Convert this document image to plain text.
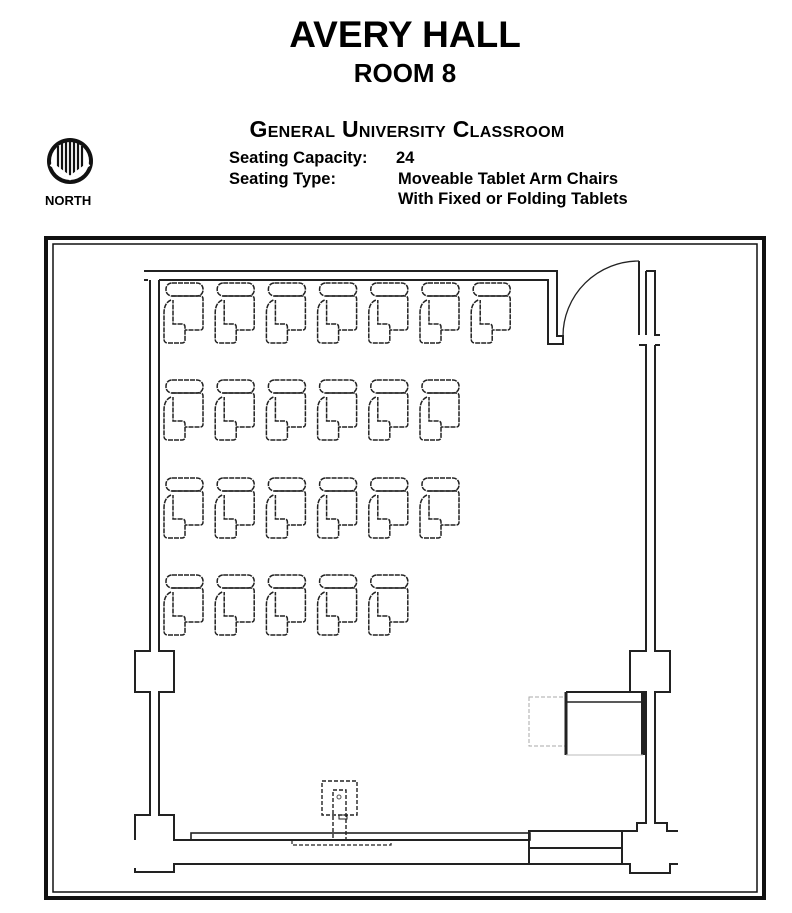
AVERY HALL
ROOM 8
General University Classroom
Seating Capacity: 24
Seating Type:	Moveable Tablet Arm Chairs
With Fixed or Folding Tablets
NORTH
